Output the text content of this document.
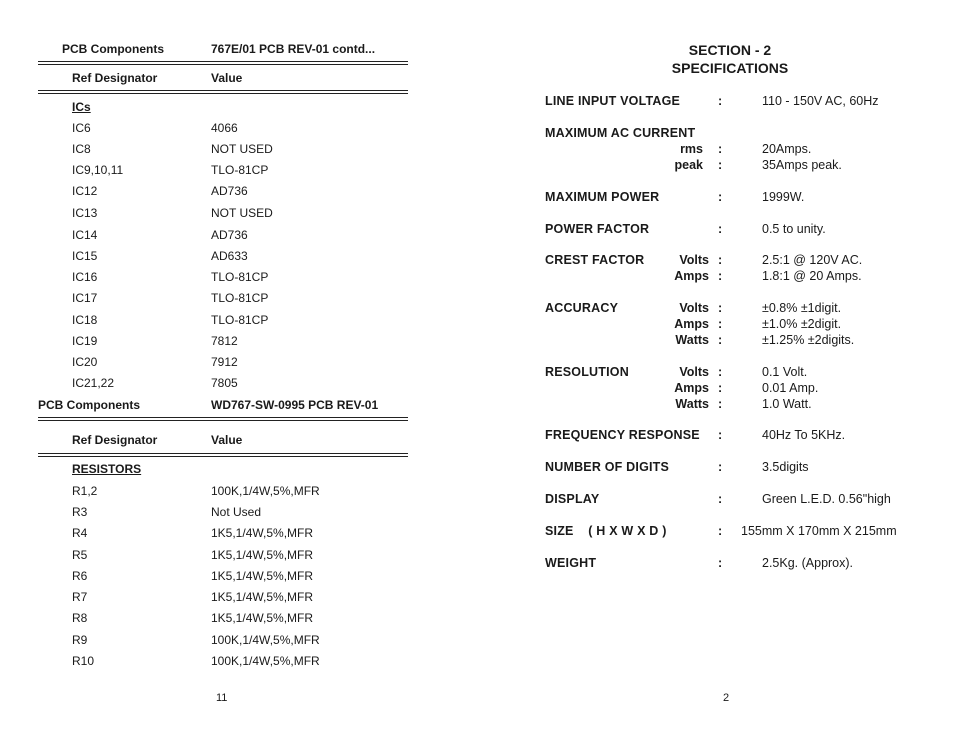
PCB Components	767E/01 PCB REV-01 contd...
Ref Designator	Value
ICs
IC6	4066
IC8	NOT USED
IC9,10,11	TLO-81CP
IC12	AD736
IC13	NOT USED
IC14	AD736
IC15	AD633
IC16	TLO-81CP
IC17	TLO-81CP
IC18	TLO-81CP
IC19	7812
IC20	7912
IC21,22	7805
PCB Components	WD767-SW-0995 PCB REV-01
Ref Designator	Value
RESISTORS
R1,2	100K,1/4W,5%,MFR
R3	Not Used
R4	1K5,1/4W,5%,MFR
R5	1K5,1/4W,5%,MFR
R6	1K5,1/4W,5%,MFR
R7	1K5,1/4W,5%,MFR
R8	1K5,1/4W,5%,MFR
R9	100K,1/4W,5%,MFR
R10	100K,1/4W,5%,MFR
11
SECTION - 2
SPECIFICATIONS
LINE INPUT VOLTAGE	:	110 - 150V AC, 60Hz
MAXIMUM AC CURRENT
rms :	20Amps.
peak :	35Amps peak.
MAXIMUM POWER	:	1999W.
POWER FACTOR	:	0.5 to unity.
CREST FACTOR	Volts :	2.5:1 @ 120V AC.
Amps :	1.8:1 @ 20 Amps.
ACCURACY	Volts :	±0.8% ±1digit.
Amps :	±1.0% ±2digit.
Watts :	±1.25% ±2digits.
RESOLUTION	Volts :	0.1 Volt.
Amps :	0.01 Amp.
Watts :	1.0 Watt.
FREQUENCY RESPONSE :	40Hz To 5KHz.
NUMBER OF DIGITS	:	3.5digits
DISPLAY	:	Green L.E.D. 0.56"high
SIZE    ( H X W X D )	: 155mm X 170mm X 215mm
WEIGHT	:	2.5Kg. (Approx).
2
